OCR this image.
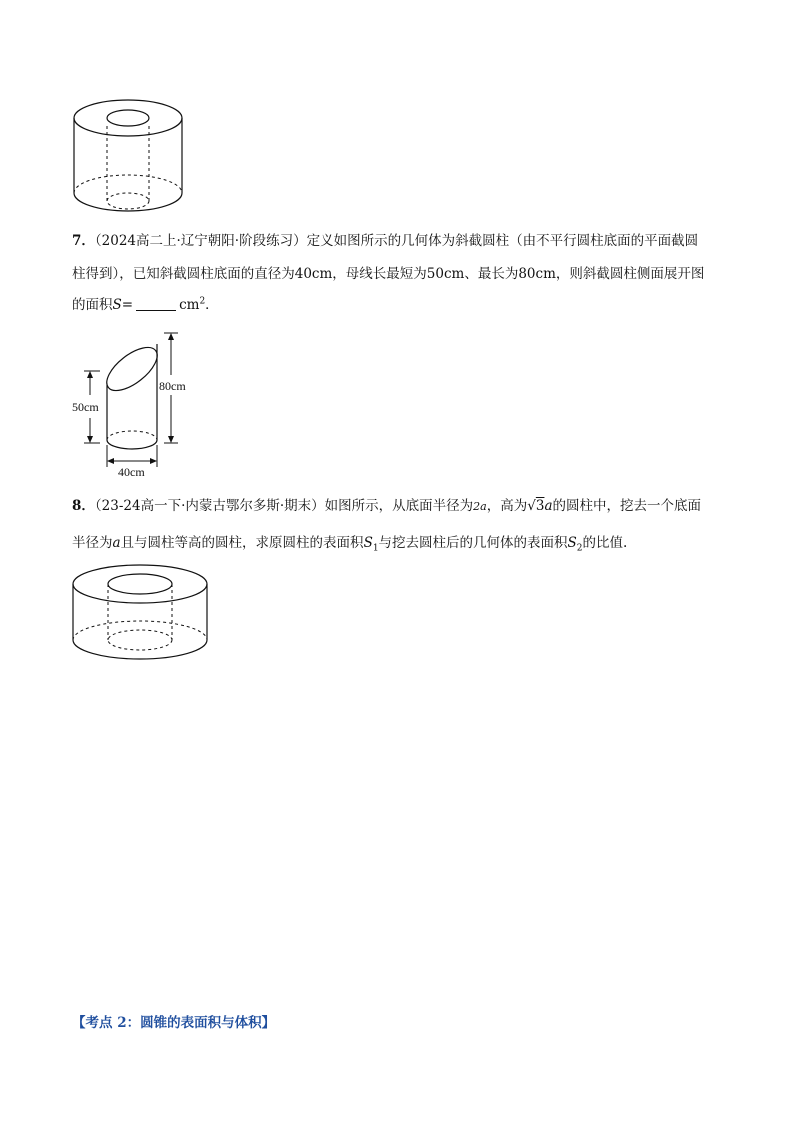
7．（2024高二上·辽宁朝阳·阶段练习）定义如图所示的几何体为斜截圆柱（由不平行圆柱底面的平面截圆
柱得到），已知斜截圆柱底面的直径为40cm，母线长最短为50cm、最长为80cm，则斜截圆柱侧面展开图
的面积S=	$cm^2$．
50cm
80cm
40cm
8．（23-24高一下·内蒙古鄂尔多斯·期末）如图所示，从底面半径为2a，高为√3a的圆柱中，挖去一个底面
半径为a且与圆柱等高的圆柱，求原圆柱的表面积$S_1$与挖去圆柱后的几何体的表面积$S_2$的比值.
【考点 2：圆锥的表面积与体积】
